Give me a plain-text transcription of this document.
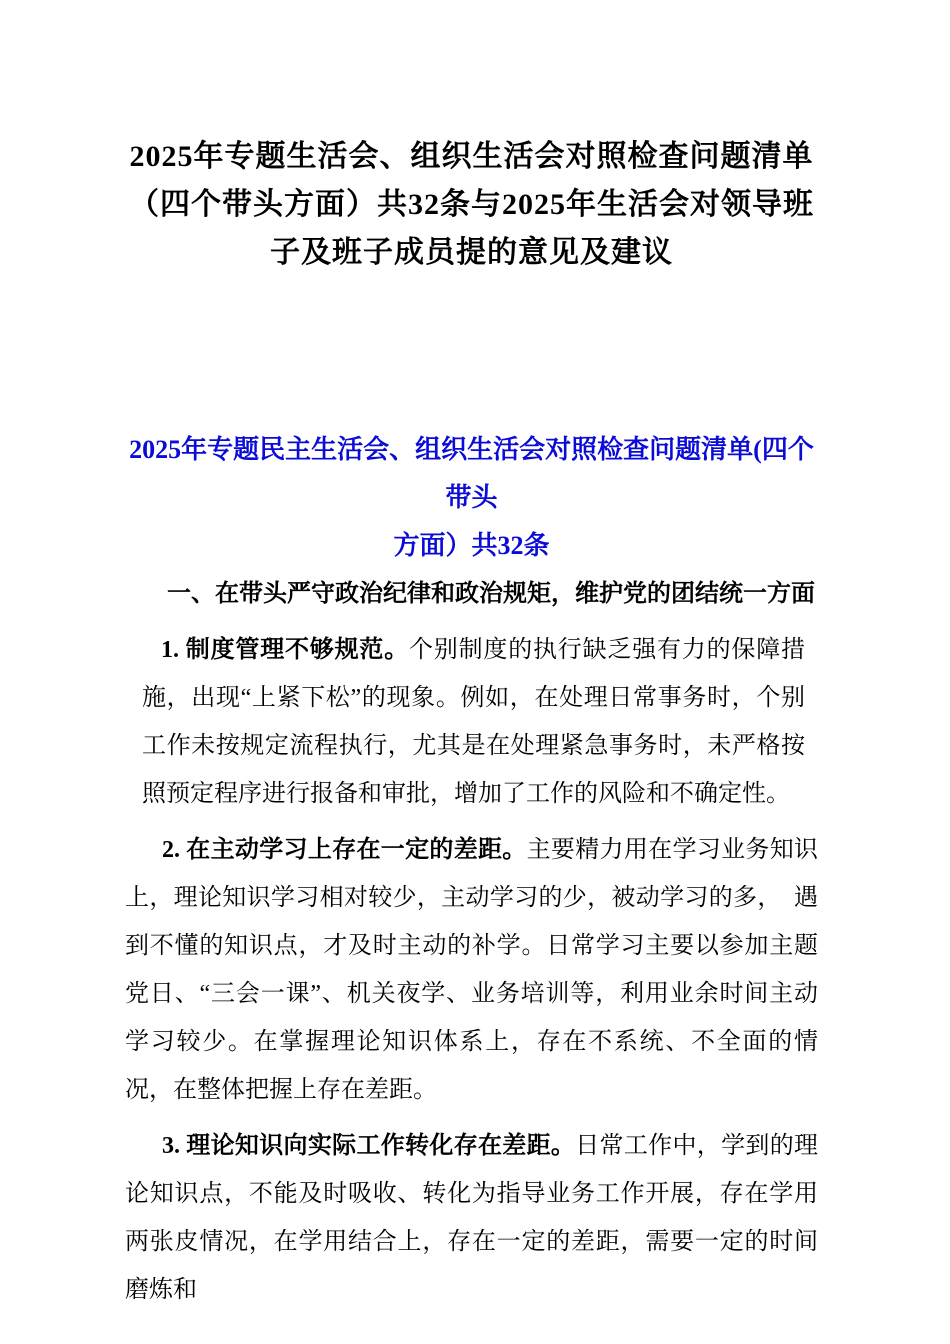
2025年专题生活会、组织生活会对照检查问题清单
（四个带头方面）共32条与2025年生活会对领导班
子及班子成员提的意见及建议
2025年专题民主生活会、组织生活会对照检查问题清单(四个带头
方面）共32条
一、在带头严守政治纪律和政治规矩，维护党的团结统一方面

1. 制度管理不够规范。个别制度的执行缺乏强有力的保障措施，出现“上紧下松”的现象。例如，在处理日常事务时，个别工作未按规定流程执行，尤其是在处理紧急事务时，未严格按照预定程序进行报备和审批，增加了工作的风险和不确定性。

2. 在主动学习上存在一定的差距。主要精力用在学习业务知识上，理论知识学习相对较少，主动学习的少，被动学习的多，　遇到不懂的知识点，才及时主动的补学。日常学习主要以参加主题党日、“三会一课”、机关夜学、业务培训等，利用业余时间主动学习较少。在掌握理论知识体系上，存在不系统、不全面的情况，在整体把握上存在差距。

3. 理论知识向实际工作转化存在差距。日常工作中，学到的理论知识点，不能及时吸收、转化为指导业务工作开展，存在学用两张皮情况，在学用结合上，存在一定的差距，需要一定的时间磨炼和
